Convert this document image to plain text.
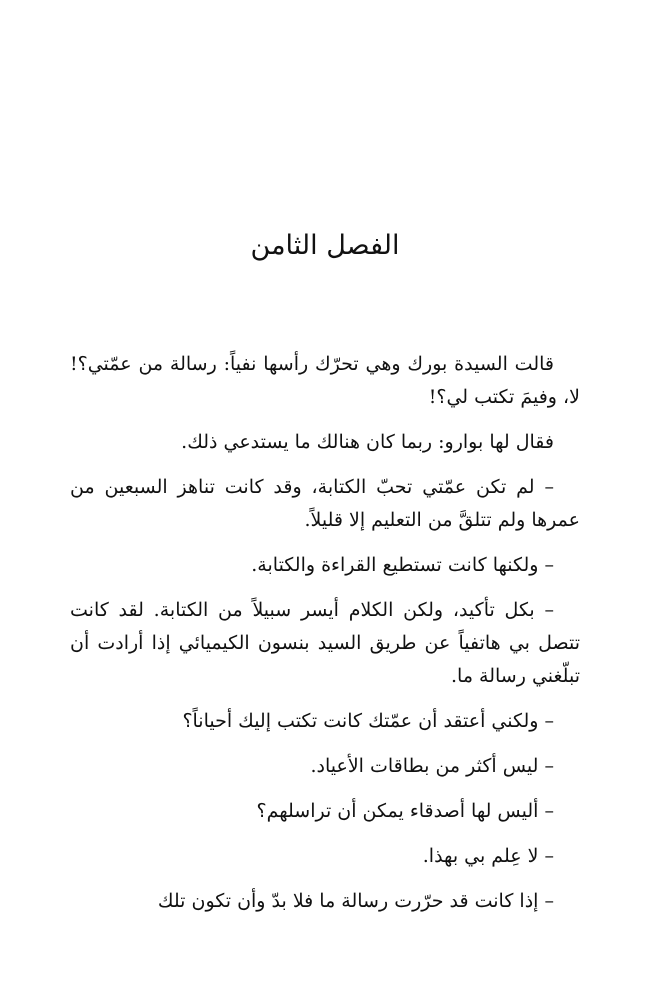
الفصل الثامن

قالت السيدة بورك وهي تحرّك رأسها نفياً: رسالة من عمّتي؟! لا، وفيمَ تكتب لي؟!

فقال لها بوارو: ربما كان هنالك ما يستدعي ذلك.

– لم تكن عمّتي تحبّ الكتابة، وقد كانت تناهز السبعين من عمرها ولم تتلقَّ من التعليم إلا قليلاً.

– ولكنها كانت تستطيع القراءة والكتابة.

– بكل تأكيد، ولكن الكلام أيسر سبيلاً من الكتابة. لقد كانت تتصل بي هاتفياً عن طريق السيد بنسون الكيميائي إذا أرادت أن تبلّغني رسالة ما.

– ولكني أعتقد أن عمّتك كانت تكتب إليك أحياناً؟

– ليس أكثر من بطاقات الأعياد.

– أليس لها أصدقاء يمكن أن تراسلهم؟

– لا عِلم بي بهذا.

– إذا كانت قد حرّرت رسالة ما فلا بدّ وأن تكون تلك
